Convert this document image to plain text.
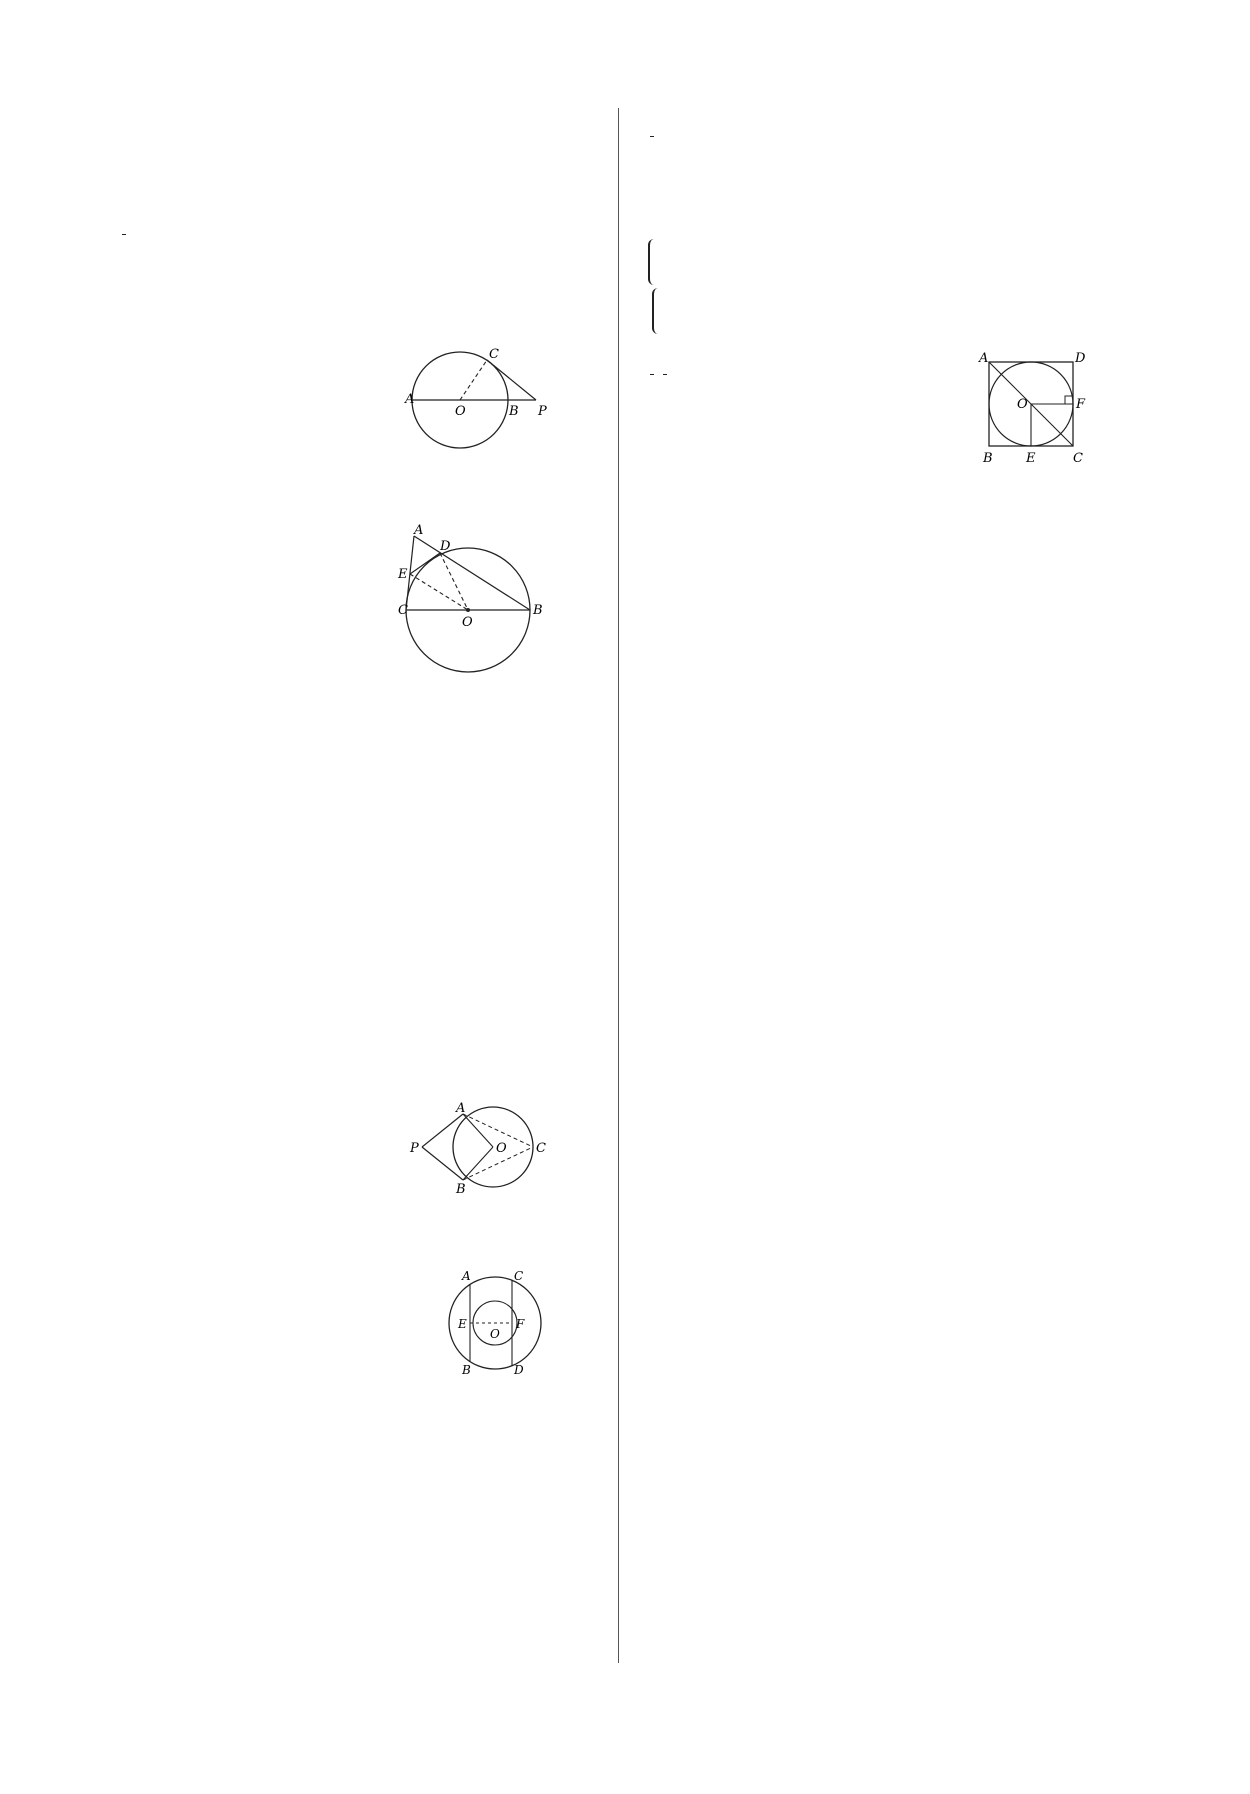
A
O	B P
C
A
D
E
C
O
B
P
A
B
O C
A	C
E	F
O
B	D

A	D
O	F
B	E	C
